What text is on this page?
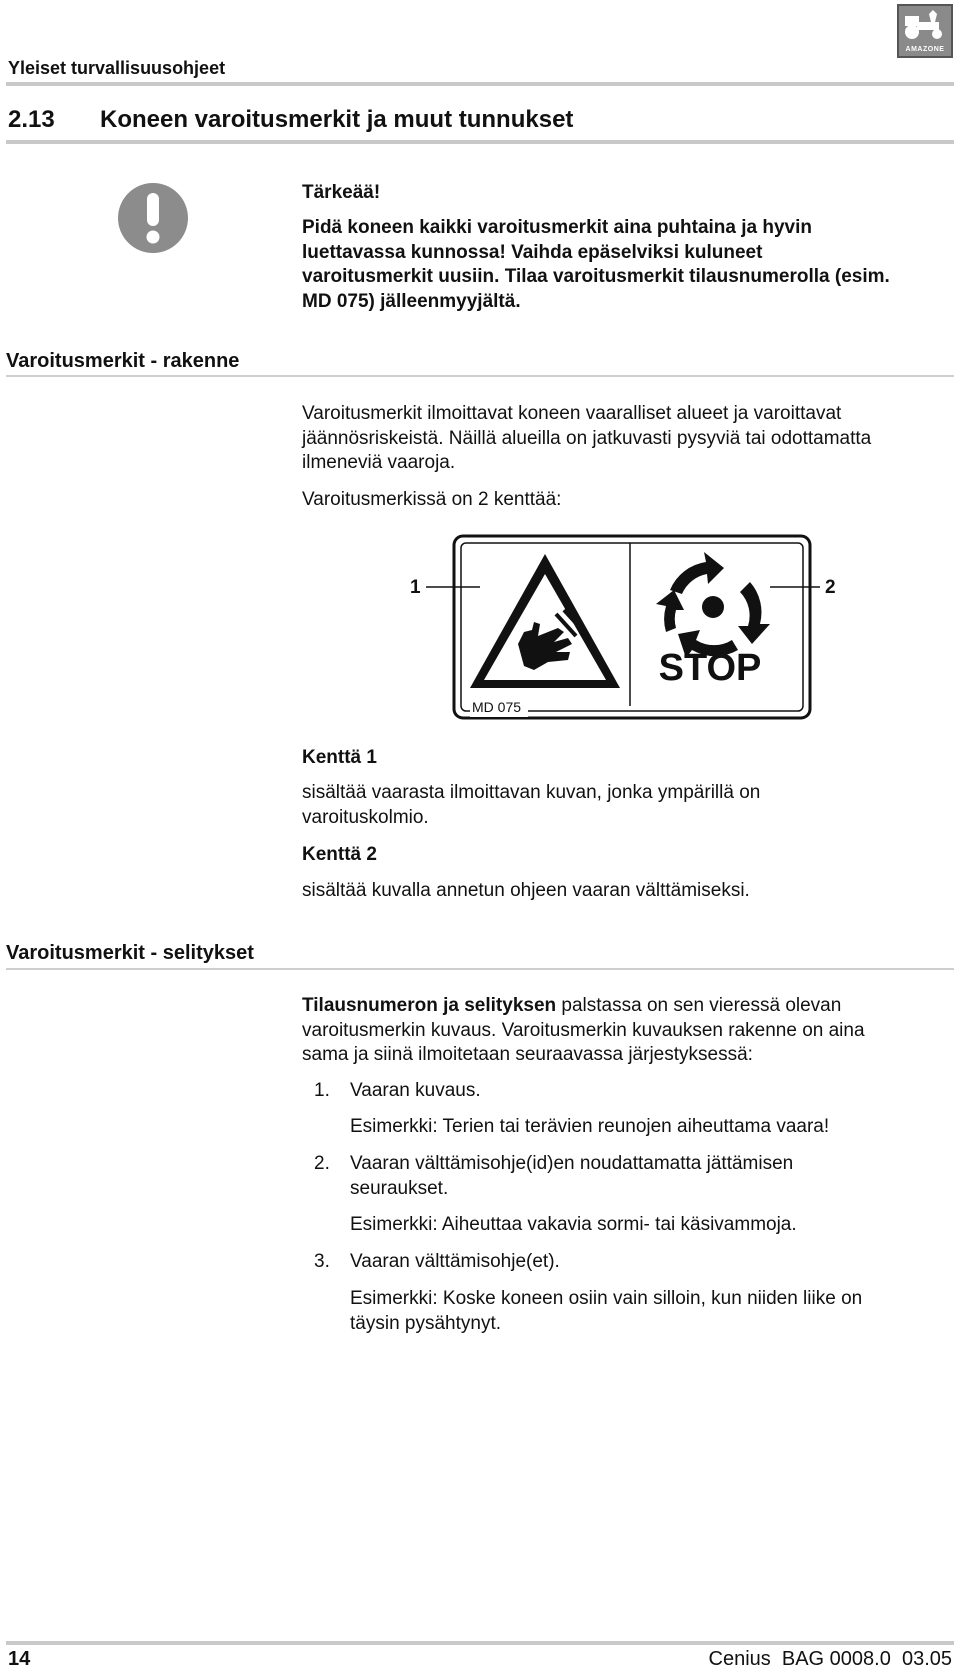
Yleiset turvallisuusohjeet
AMAZONE
2.13 Koneen varoitusmerkit ja muut tunnukset
Tärkeää!
Pidä koneen kaikki varoitusmerkit aina puhtaina ja hyvin
luettavassa kunnossa! Vaihda epäselviksi kuluneet
varoitusmerkit uusiin. Tilaa varoitusmerkit tilausnumerolla (esim.
MD 075) jälleenmyyjältä.
Varoitusmerkit - rakenne
Varoitusmerkit ilmoittavat koneen vaaralliset alueet ja varoittavat
jäännösriskeistä. Näillä alueilla on jatkuvasti pysyviä tai odottamatta
ilmeneviä vaaroja.
Varoitusmerkissä on 2 kenttää:
STOP
MD 075
1	2
Kenttä 1
sisältää vaarasta ilmoittavan kuvan, jonka ympärillä on
varoituskolmio.
Kenttä 2
sisältää kuvalla annetun ohjeen vaaran välttämiseksi.
Varoitusmerkit - selitykset
Tilausnumeron ja selityksen palstassa on sen vieressä olevan
varoitusmerkin kuvaus. Varoitusmerkin kuvauksen rakenne on aina
sama ja siinä ilmoitetaan seuraavassa järjestyksessä:
1. Vaaran kuvaus.
Esimerkki: Terien tai terävien reunojen aiheuttama vaara!
2. Vaaran välttämisohje(id)en noudattamatta jättämisen
seuraukset.
Esimerkki: Aiheuttaa vakavia sormi- tai käsivammoja.
3. Vaaran välttämisohje(et).
Esimerkki: Koske koneen osiin vain silloin, kun niiden liike on
täysin pysähtynyt.
14	Cenius  BAG 0008.0  03.05
